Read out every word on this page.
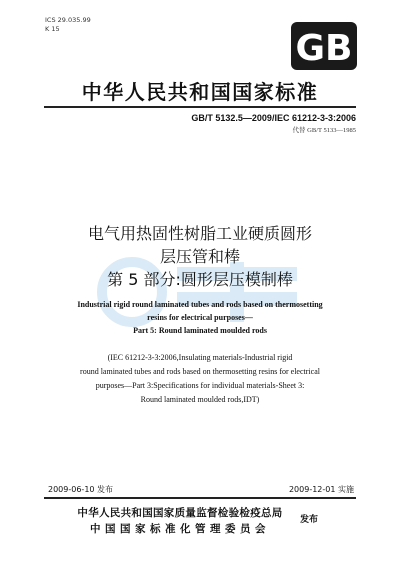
ICS 29.035.99
K 15	GB
中华人民共和国国家标准
GB/T 5132.5—2009/IEC 61212-3-3:2006
代替 GB/T 5133—1985
电气用热固性树脂工业硬质圆形
层压管和棒
第 5 部分:圆形层压模制棒
Industrial rigid round laminated tubes and rods based on thermosetting
resins for electrical purposes—
Part 5: Round laminated moulded rods
(IEC 61212-3-3:2006,Insulating materials-Industrial rigid
round laminated tubes and rods based on thermosetting resins for electrical
purposes—Part 3:Specifications for individual materials-Sheet 3:
Round laminated moulded rods,IDT)
2009-06-10 发布	2009-12-01 实施
中华人民共和国国家质量监督检验检疫总局
中国国家标准化管理委员会
发布
